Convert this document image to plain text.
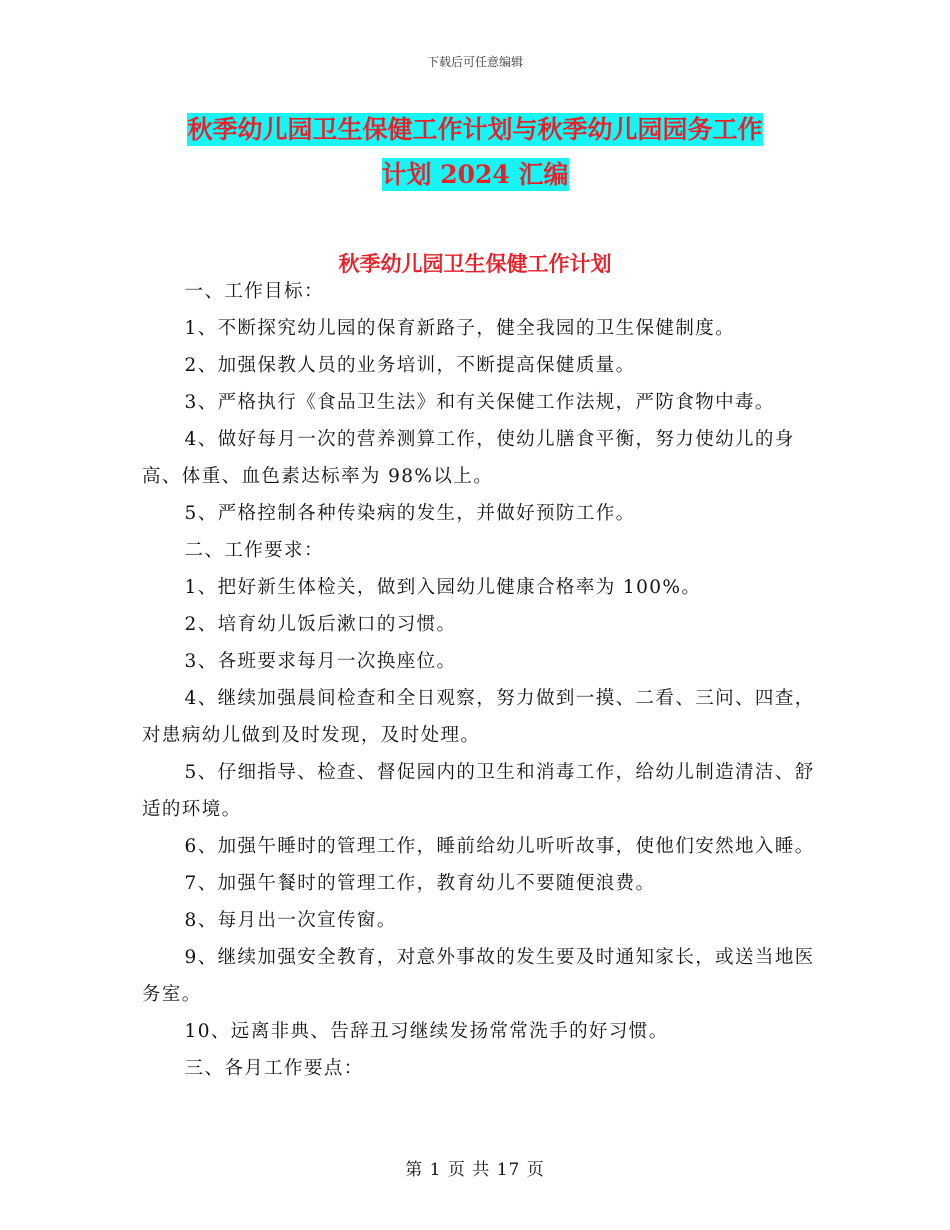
下载后可任意编辑
秋季幼儿园卫生保健工作计划与秋季幼儿园园务工作
计划 2024 汇编
秋季幼儿园卫生保健工作计划

一、工作目标：

1、不断探究幼儿园的保育新路子，健全我园的卫生保健制度。

2、加强保教人员的业务培训，不断提高保健质量。

3、严格执行《食品卫生法》和有关保健工作法规，严防食物中毒。

4、做好每月一次的营养测算工作，使幼儿膳食平衡，努力使幼儿的身 高、体重、血色素达标率为 98%以上。

5、严格控制各种传染病的发生，并做好预防工作。

二、工作要求：

1、把好新生体检关，做到入园幼儿健康合格率为 100%。

2、培育幼儿饭后漱口的习惯。

3、各班要求每月一次换座位。

4、继续加强晨间检查和全日观察，努力做到一摸、二看、三问、四查，对患病幼儿做到及时发现，及时处理。

5、仔细指导、检查、督促园内的卫生和消毒工作，给幼儿制造清洁、舒适的环境。

6、加强午睡时的管理工作，睡前给幼儿听听故事，使他们安然地入睡。

7、加强午餐时的管理工作，教育幼儿不要随便浪费。

8、每月出一次宣传窗。

9、继续加强安全教育，对意外事故的发生要及时通知家长，或送当地医务室。

10、远离非典、告辞丑习继续发扬常常洗手的好习惯。

三、各月工作要点：

第 1 页 共 17 页
